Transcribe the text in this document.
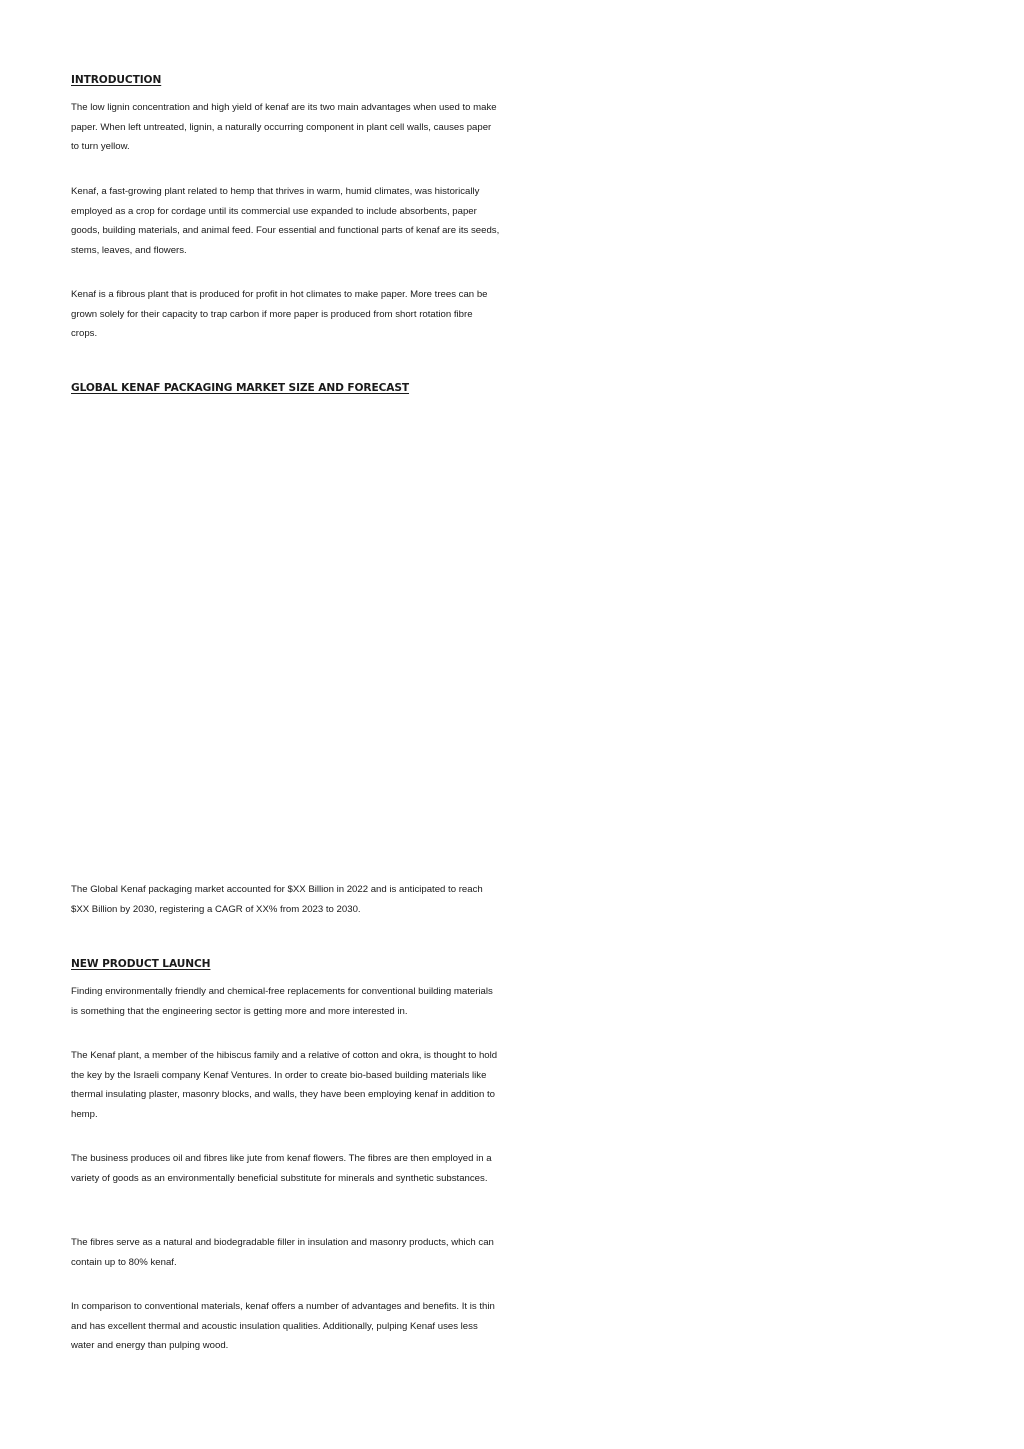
INTRODUCTION

The low lignin concentration and high yield of kenaf are its two main advantages when used to make paper. When left untreated, lignin, a naturally occurring component in plant cell walls, causes paper to turn yellow.

Kenaf, a fast-growing plant related to hemp that thrives in warm, humid climates, was historically employed as a crop for cordage until its commercial use expanded to include absorbents, paper goods, building materials, and animal feed. Four essential and functional parts of kenaf are its seeds, stems, leaves, and flowers.

Kenaf is a fibrous plant that is produced for profit in hot climates to make paper. More trees can be grown solely for their capacity to trap carbon if more paper is produced from short rotation fibre crops.

GLOBAL KENAF PACKAGING MARKET SIZE AND FORECAST

The Global Kenaf packaging market accounted for $XX Billion in 2022 and is anticipated to reach $XX Billion by 2030, registering a CAGR of XX% from 2023 to 2030.

NEW PRODUCT LAUNCH

Finding environmentally friendly and chemical-free replacements for conventional building materials is something that the engineering sector is getting more and more interested in.

The Kenaf plant, a member of the hibiscus family and a relative of cotton and okra, is thought to hold the key by the Israeli company Kenaf Ventures. In order to create bio-based building materials like thermal insulating plaster, masonry blocks, and walls, they have been employing kenaf in addition to hemp.

The business produces oil and fibres like jute from kenaf flowers. The fibres are then employed in a variety of goods as an environmentally beneficial substitute for minerals and synthetic substances.

The fibres serve as a natural and biodegradable filler in insulation and masonry products, which can contain up to 80% kenaf.

In comparison to conventional materials, kenaf offers a number of advantages and benefits. It is thin and has excellent thermal and acoustic insulation qualities. Additionally, pulping Kenaf uses less water and energy than pulping wood.
